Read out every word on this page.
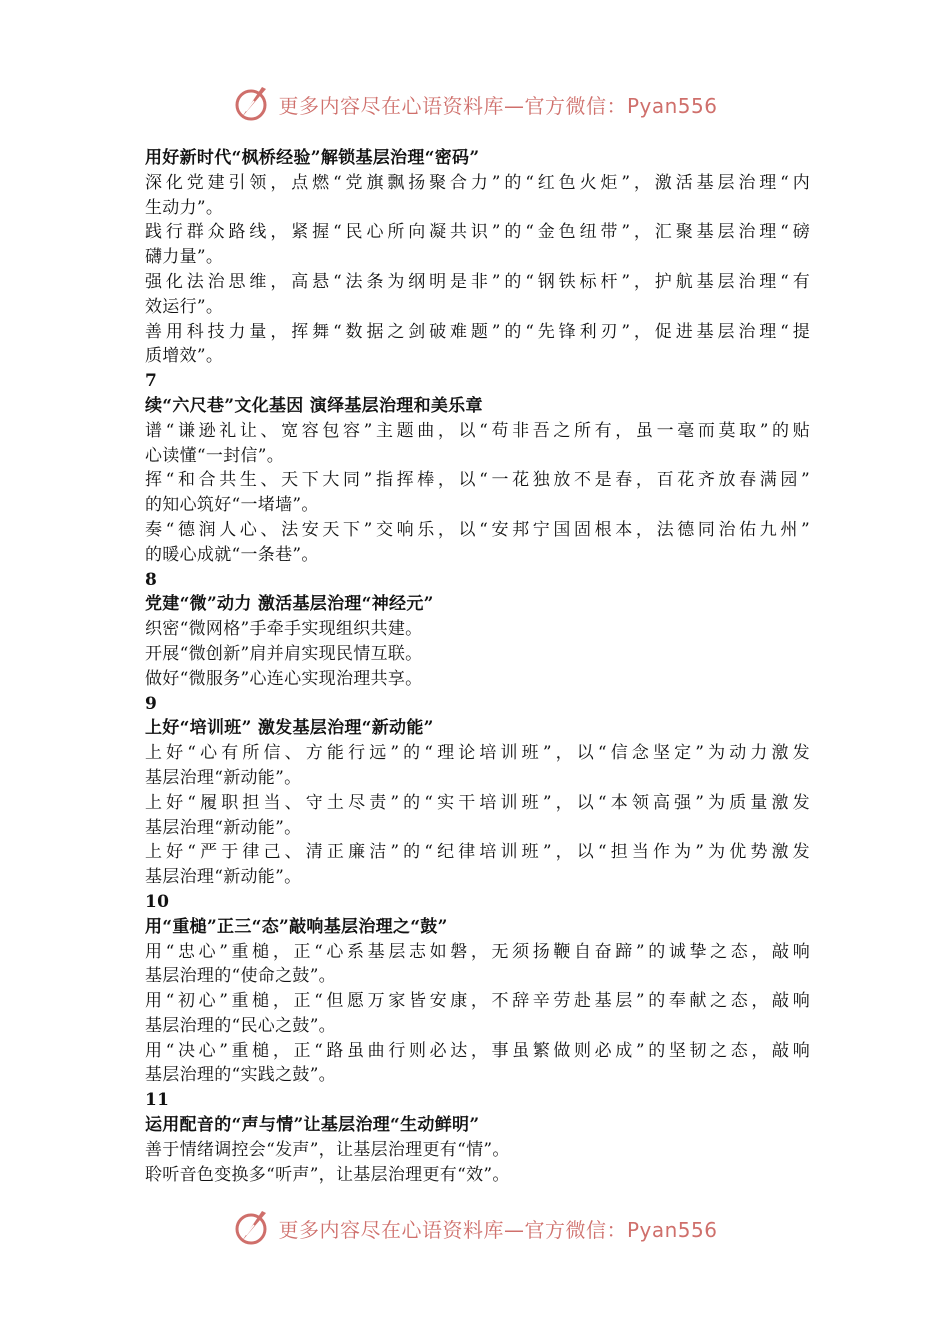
更多内容尽在心语资料库—官方微信：Pyan556
用好新时代“枫桥经验”解锁基层治理“密码”
深化党建引领，点燃“党旗飘扬聚合力”的“红色火炬”，激活基层治理“内
生动力”。
践行群众路线，紧握“民心所向凝共识”的“金色纽带”，汇聚基层治理“磅
礴力量”。
强化法治思维，高悬“法条为纲明是非”的“钢铁标杆”，护航基层治理“有
效运行”。
善用科技力量，挥舞“数据之剑破难题”的“先锋利刃”，促进基层治理“提
质增效”。
7
续“六尺巷”文化基因 演绎基层治理和美乐章
谱“谦逊礼让、宽容包容”主题曲，以“苟非吾之所有，虽一毫而莫取”的贴
心读懂“一封信”。
挥“和合共生、天下大同”指挥棒，以“一花独放不是春，百花齐放春满园”
的知心筑好“一堵墙”。
奏“德润人心、法安天下”交响乐，以“安邦宁国固根本，法德同治佑九州”
的暖心成就“一条巷”。
8
党建“微”动力 激活基层治理“神经元”
织密“微网格”手牵手实现组织共建。
开展“微创新”肩并肩实现民情互联。
做好“微服务”心连心实现治理共享。
9
上好“培训班” 激发基层治理“新动能”
上好“心有所信、方能行远”的“理论培训班”，以“信念坚定”为动力激发
基层治理“新动能”。
上好“履职担当、守土尽责”的“实干培训班”，以“本领高强”为质量激发
基层治理“新动能”。
上好“严于律己、清正廉洁”的“纪律培训班”，以“担当作为”为优势激发
基层治理“新动能”。
10
用“重槌”正三“态”敲响基层治理之“鼓”
用“忠心”重槌，正“心系基层志如磐，无须扬鞭自奋蹄”的诚挚之态，敲响
基层治理的“使命之鼓”。
用“初心”重槌，正“但愿万家皆安康，不辞辛劳赴基层”的奉献之态，敲响
基层治理的“民心之鼓”。
用“决心”重槌，正“路虽曲行则必达，事虽繁做则必成”的坚韧之态，敲响
基层治理的“实践之鼓”。
11
运用配音的“声与情”让基层治理“生动鲜明”
善于情绪调控会“发声”，让基层治理更有“情”。
聆听音色变换多“听声”，让基层治理更有“效”。
更多内容尽在心语资料库—官方微信：Pyan556
